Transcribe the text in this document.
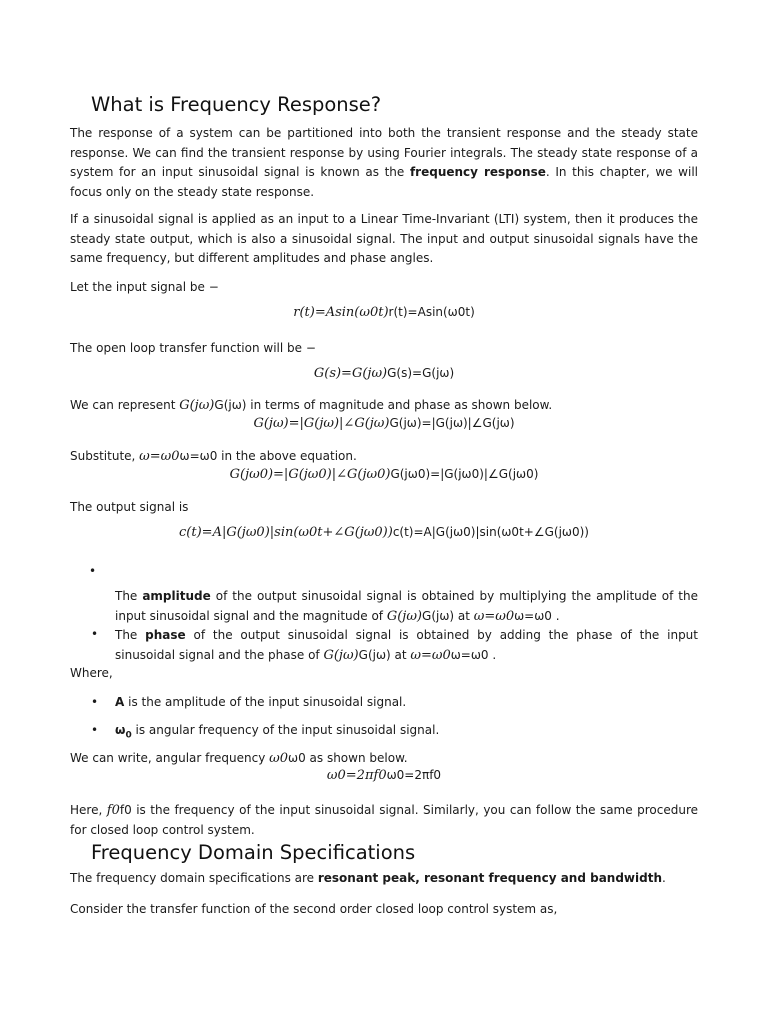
What is Frequency Response?

The response of a system can be partitioned into both the transient response and the steady state response. We can find the transient response by using Fourier integrals. The steady state response of a system for an input sinusoidal signal is known as the frequency response. In this chapter, we will focus only on the steady state response.

If a sinusoidal signal is applied as an input to a Linear Time-Invariant (LTI) system, then it produces the steady state output, which is also a sinusoidal signal. The input and output sinusoidal signals have the same frequency, but different amplitudes and phase angles.

Let the input signal be −
r(t)=Asin(ω0t)r(t)=Asin⁡(ω0t)
The open loop transfer function will be −
G(s)=G(jω)G(s)=G(jω)
We can represent G(jω)G(jω) in terms of magnitude and phase as shown below.
G(jω)=|G(jω)|∠G(jω)G(jω)=|G(jω)|∠G(jω)
Substitute, ω=ω0ω=ω0 in the above equation.
G(jω0)=|G(jω0)|∠G(jω0)G(jω0)=|G(jω0)|∠G(jω0)
The output signal is
c(t)=A|G(jω0)|sin(ω0t+∠G(jω0))c(t)=A|G(jω0)|sin⁡(ω0t+∠G(jω0))
•
The amplitude of the output sinusoidal signal is obtained by multiplying the amplitude of the input sinusoidal signal and the magnitude of G(jω)G(jω) at ω=ω0ω=ω0 .
• The phase of the output sinusoidal signal is obtained by adding the phase of the input sinusoidal signal and the phase of G(jω)G(jω) at ω=ω0ω=ω0 .
Where,
• A is the amplitude of the input sinusoidal signal.
• $\omega_0$ is angular frequency of the input sinusoidal signal.
We can write, angular frequency ω0ω0 as shown below.
ω0=2πf0ω0=2πf0

Here, f0f0 is the frequency of the input sinusoidal signal. Similarly, you can follow the same procedure for closed loop control system.

Frequency Domain Specifications
The frequency domain specifications are resonant peak, resonant frequency and bandwidth.
Consider the transfer function of the second order closed loop control system as,
